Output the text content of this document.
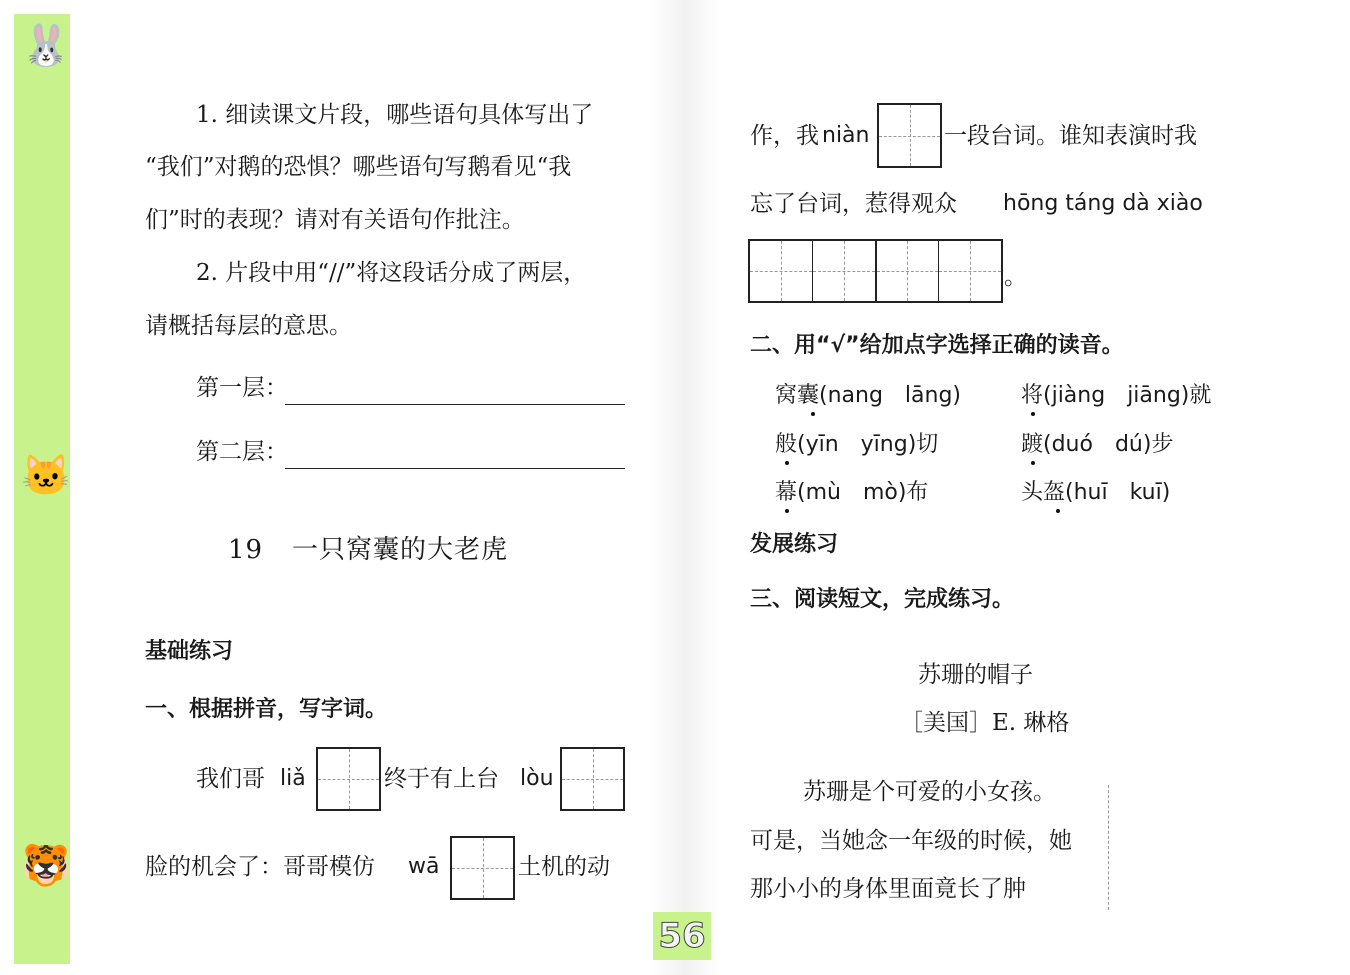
🐰
🐱
🐯
1. 细读课文片段，哪些语句具体写出了
“我们”对鹅的恐惧？哪些语句写鹅看见“我
们”时的表现？请对有关语句作批注。
2. 片段中用“//”将这段话分成了两层，
请概括每层的意思。
第一层：
第二层：
19 一只窝囊的大老虎
基础练习
一、根据拼音，写字词。
我们哥 liǎ	终于有上台 lòu
脸的机会了：哥哥模仿 wā	土机的动
作，我 niàn	一段台词。谁知表演时我
忘了台词，惹得观众 hōng táng dà xiào
。
二、用“√”给加点字选择正确的读音。
窝囊(nang　lāng)	将(jiàng　jiāng)就
般(yīn　yīng)切	踱(duó　dú)步
幕(mù　mò)布	头盔(huī　kuī)
发展练习
三、阅读短文，完成练习。
苏珊的帽子
［美国］E. 琳格
苏珊是个可爱的小女孩。
可是，当她念一年级的时候，她
那小小的身体里面竟长了肿
56
